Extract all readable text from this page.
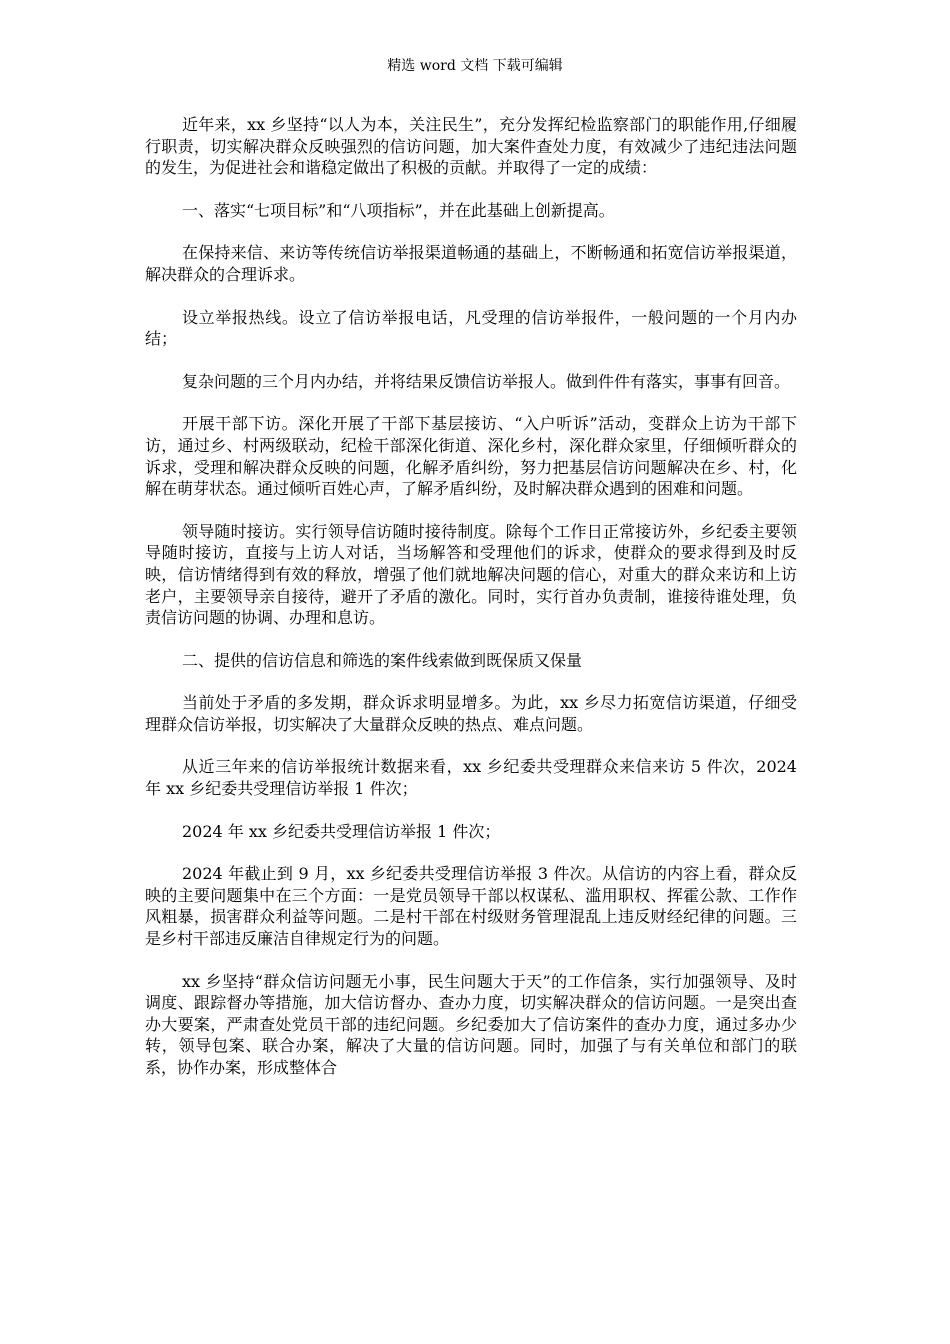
精选 word 文档 下载可编辑

近年来，xx 乡坚持“以人为本，关注民生”，充分发挥纪检监察部门的职能作用,仔细履行职责，切实解决群众反映强烈的信访问题，加大案件查处力度，有效减少了违纪违法问题的发生，为促进社会和谐稳定做出了积极的贡献。并取得了一定的成绩：

一、落实“七项目标”和“八项指标”，并在此基础上创新提高。

在保持来信、来访等传统信访举报渠道畅通的基础上，不断畅通和拓宽信访举报渠道，解决群众的合理诉求。

设立举报热线。设立了信访举报电话，凡受理的信访举报件，一般问题的一个月内办结；

复杂问题的三个月内办结，并将结果反馈信访举报人。做到件件有落实，事事有回音。

开展干部下访。深化开展了干部下基层接访、“入户听诉”活动，变群众上访为干部下访，通过乡、村两级联动，纪检干部深化街道、深化乡村，深化群众家里，仔细倾听群众的诉求，受理和解决群众反映的问题，化解矛盾纠纷，努力把基层信访问题解决在乡、村，化解在萌芽状态。通过倾听百姓心声，了解矛盾纠纷，及时解决群众遇到的困难和问题。

领导随时接访。实行领导信访随时接待制度。除每个工作日正常接访外，乡纪委主要领导随时接访，直接与上访人对话，当场解答和受理他们的诉求，使群众的要求得到及时反映，信访情绪得到有效的释放，增强了他们就地解决问题的信心，对重大的群众来访和上访老户，主要领导亲自接待，避开了矛盾的激化。同时，实行首办负责制，谁接待谁处理，负责信访问题的协调、办理和息访。

二、提供的信访信息和筛选的案件线索做到既保质又保量

当前处于矛盾的多发期，群众诉求明显增多。为此，xx 乡尽力拓宽信访渠道，仔细受理群众信访举报，切实解决了大量群众反映的热点、难点问题。

从近三年来的信访举报统计数据来看，xx 乡纪委共受理群众来信来访 5 件次，2024 年 xx 乡纪委共受理信访举报 1 件次；

2024 年 xx 乡纪委共受理信访举报 1 件次；

2024 年截止到 9 月，xx 乡纪委共受理信访举报 3 件次。从信访的内容上看，群众反映的主要问题集中在三个方面：一是党员领导干部以权谋私、滥用职权、挥霍公款、工作作风粗暴，损害群众利益等问题。二是村干部在村级财务管理混乱上违反财经纪律的问题。三是乡村干部违反廉洁自律规定行为的问题。

xx 乡坚持“群众信访问题无小事，民生问题大于天”的工作信条，实行加强领导、及时调度、跟踪督办等措施，加大信访督办、查办力度，切实解决群众的信访问题。一是突出查办大要案，严肃查处党员干部的违纪问题。乡纪委加大了信访案件的查办力度，通过多办少转，领导包案、联合办案，解决了大量的信访问题。同时，加强了与有关单位和部门的联系，协作办案，形成整体合
